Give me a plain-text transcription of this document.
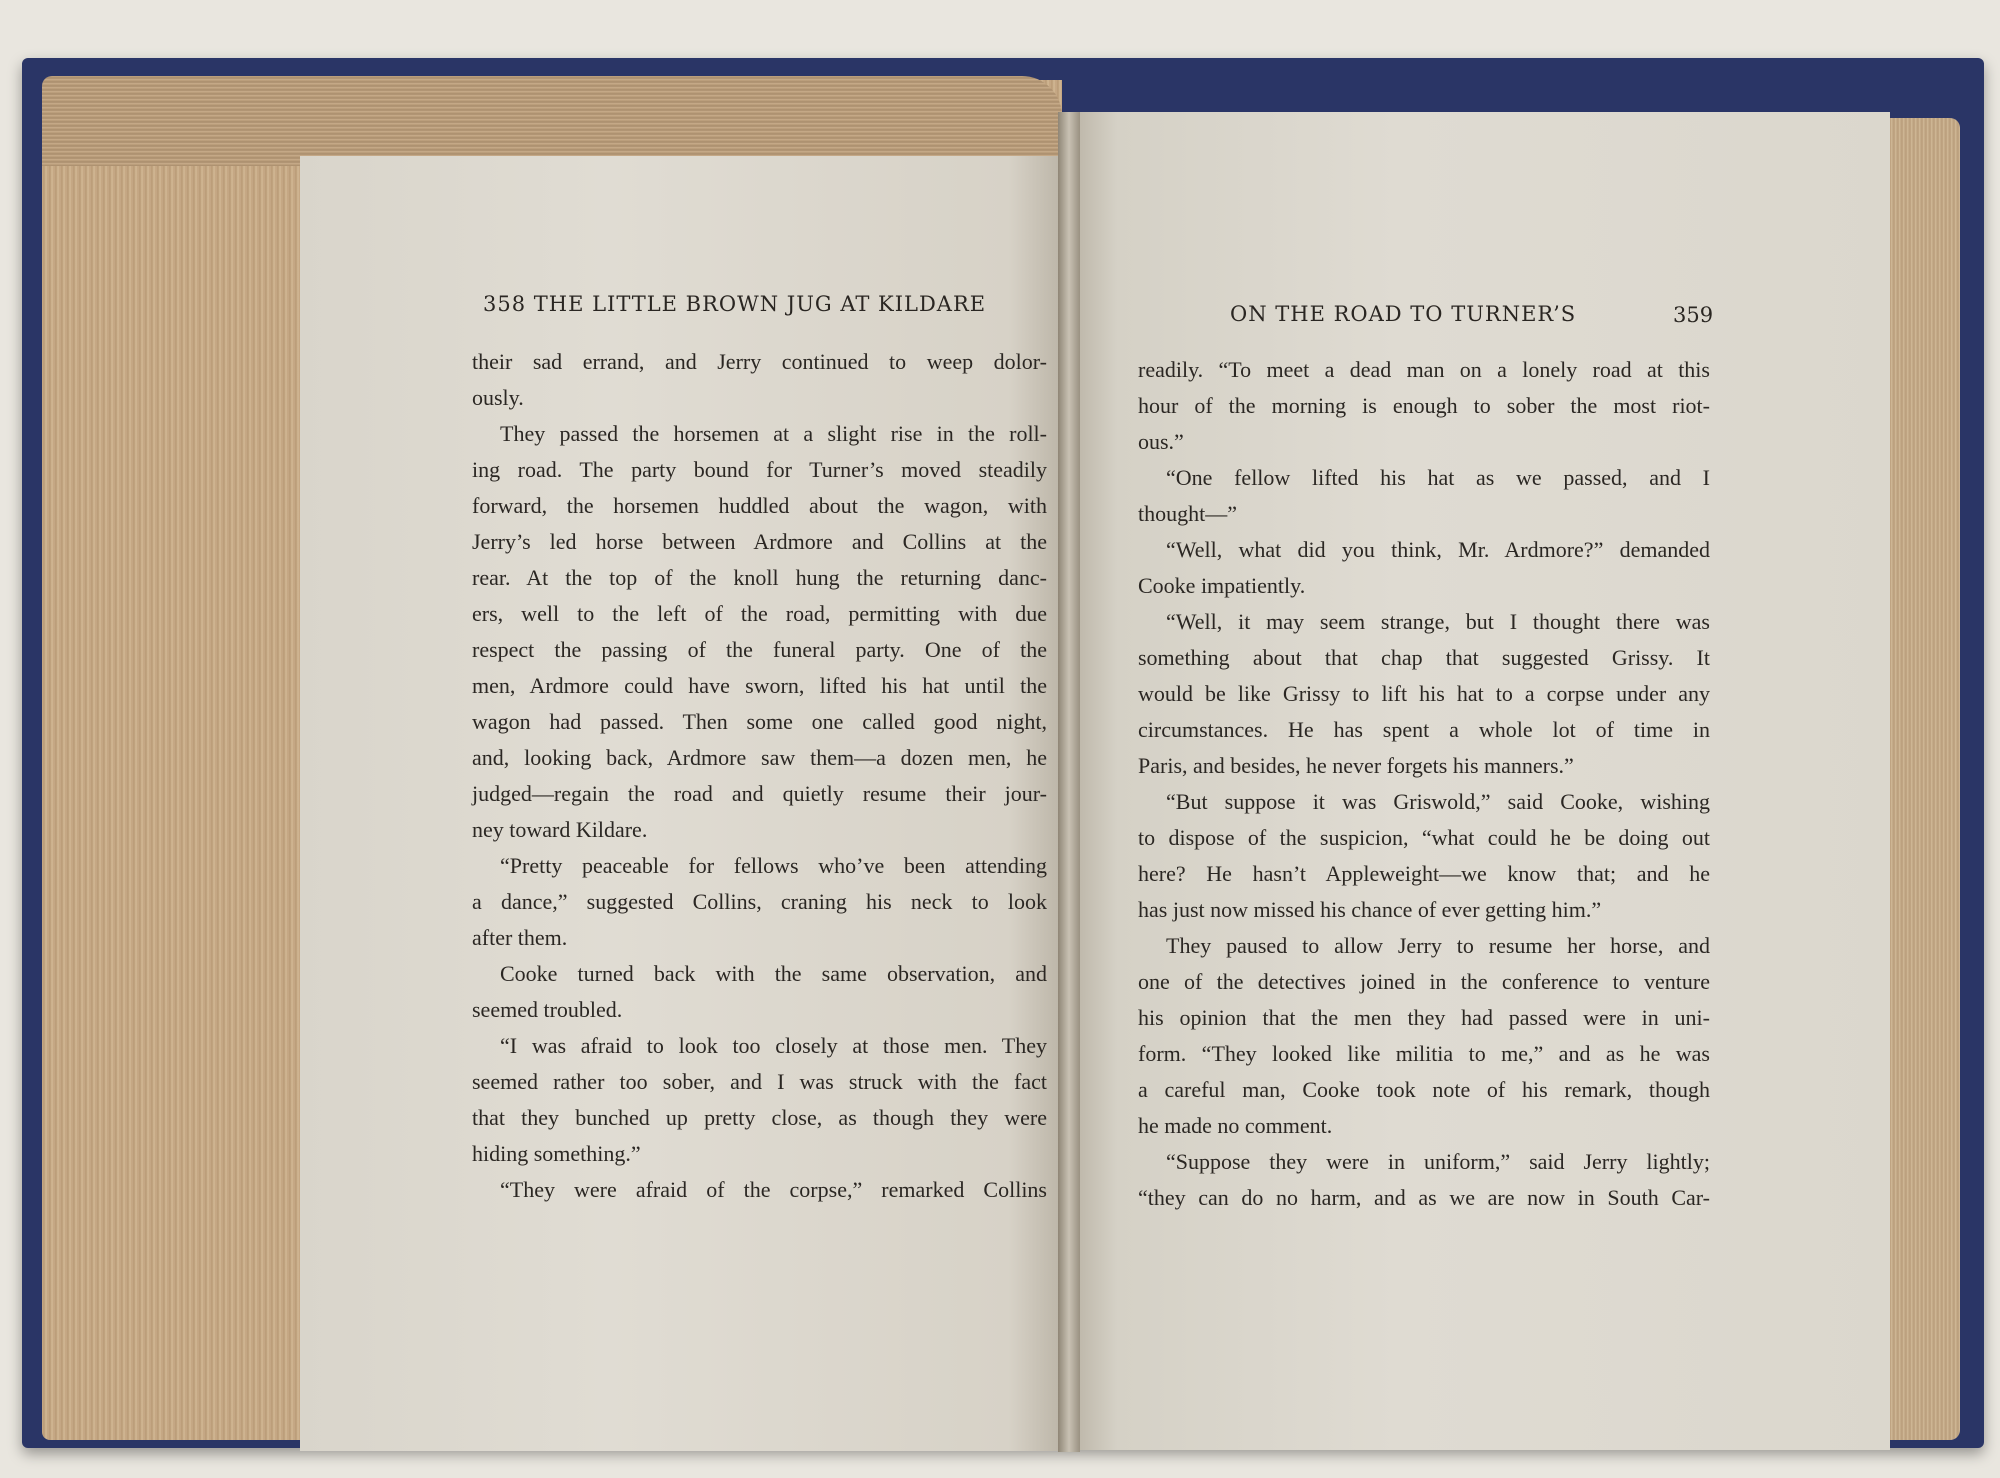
358 THE LITTLE BROWN JUG AT KILDARE	ON THE ROAD TO TURNER’S	359
their sad errand, and Jerry continued to weep dolor-
ously.
They passed the horsemen at a slight rise in the roll-
ing road. The party bound for Turner’s moved steadily
forward, the horsemen huddled about the wagon, with
Jerry’s led horse between Ardmore and Collins at the
rear. At the top of the knoll hung the returning danc-
ers, well to the left of the road, permitting with due
respect the passing of the funeral party. One of the
men, Ardmore could have sworn, lifted his hat until the
wagon had passed. Then some one called good night,
and, looking back, Ardmore saw them—a dozen men, he
judged—regain the road and quietly resume their jour-
ney toward Kildare.
“Pretty peaceable for fellows who’ve been attending
a dance,” suggested Collins, craning his neck to look
after them.
Cooke turned back with the same observation, and
seemed troubled.
“I was afraid to look too closely at those men. They
seemed rather too sober, and I was struck with the fact
that they bunched up pretty close, as though they were
hiding something.”
“They were afraid of the corpse,” remarked Collins
readily. “To meet a dead man on a lonely road at this
hour of the morning is enough to sober the most riot-
ous.”
“One fellow lifted his hat as we passed, and I
thought—”
“Well, what did you think, Mr. Ardmore?” demanded
Cooke impatiently.
“Well, it may seem strange, but I thought there was
something about that chap that suggested Grissy. It
would be like Grissy to lift his hat to a corpse under any
circumstances. He has spent a whole lot of time in
Paris, and besides, he never forgets his manners.”
“But suppose it was Griswold,” said Cooke, wishing
to dispose of the suspicion, “what could he be doing out
here? He hasn’t Appleweight—we know that; and he
has just now missed his chance of ever getting him.”
They paused to allow Jerry to resume her horse, and
one of the detectives joined in the conference to venture
his opinion that the men they had passed were in uni-
form. “They looked like militia to me,” and as he was
a careful man, Cooke took note of his remark, though
he made no comment.
“Suppose they were in uniform,” said Jerry lightly;
“they can do no harm, and as we are now in South Car-
